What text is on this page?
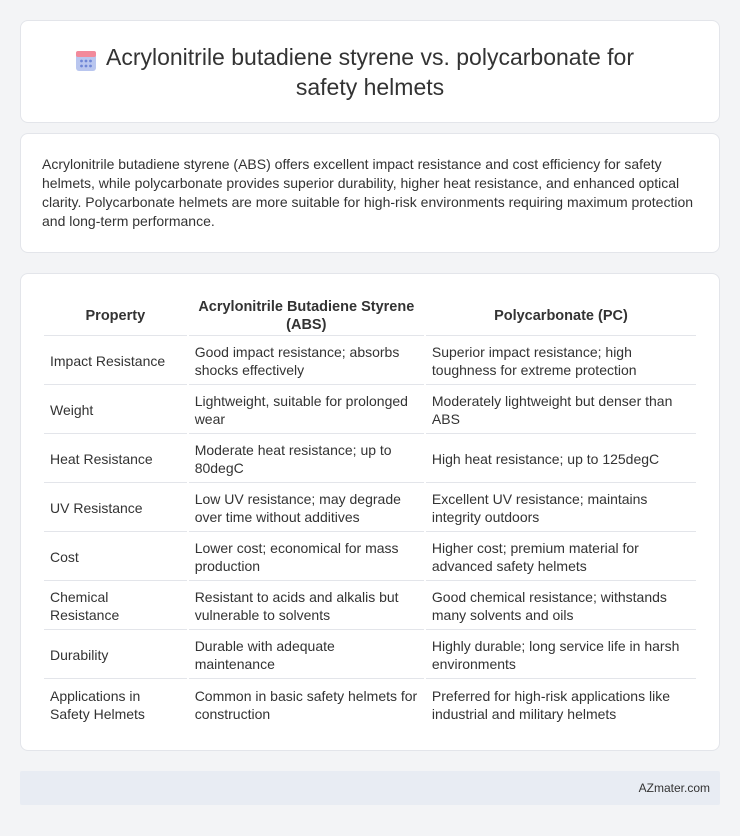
Acrylonitrile butadiene styrene vs. polycarbonate for safety helmets

Acrylonitrile butadiene styrene (ABS) offers excellent impact resistance and cost efficiency for safety helmets, while polycarbonate provides superior durability, higher heat resistance, and enhanced optical clarity. Polycarbonate helmets are more suitable for high-risk environments requiring maximum protection and long-term performance.

Property	Acrylonitrile Butadiene Styrene (ABS)	Polycarbonate (PC)
Impact Resistance	Good impact resistance; absorbs shocks effectively	Superior impact resistance; high toughness for extreme protection
Weight	Lightweight, suitable for prolonged wear	Moderately lightweight but denser than ABS
Heat Resistance	Moderate heat resistance; up to 80degC	High heat resistance; up to 125degC
UV Resistance	Low UV resistance; may degrade over time without additives	Excellent UV resistance; maintains integrity outdoors
Cost	Lower cost; economical for mass production	Higher cost; premium material for advanced safety helmets
Chemical Resistance	Resistant to acids and alkalis but vulnerable to solvents	Good chemical resistance; withstands many solvents and oils
Durability	Durable with adequate maintenance	Highly durable; long service life in harsh environments
Applications in Safety Helmets	Common in basic safety helmets for construction	Preferred for high-risk applications like industrial and military helmets
AZmater.com
